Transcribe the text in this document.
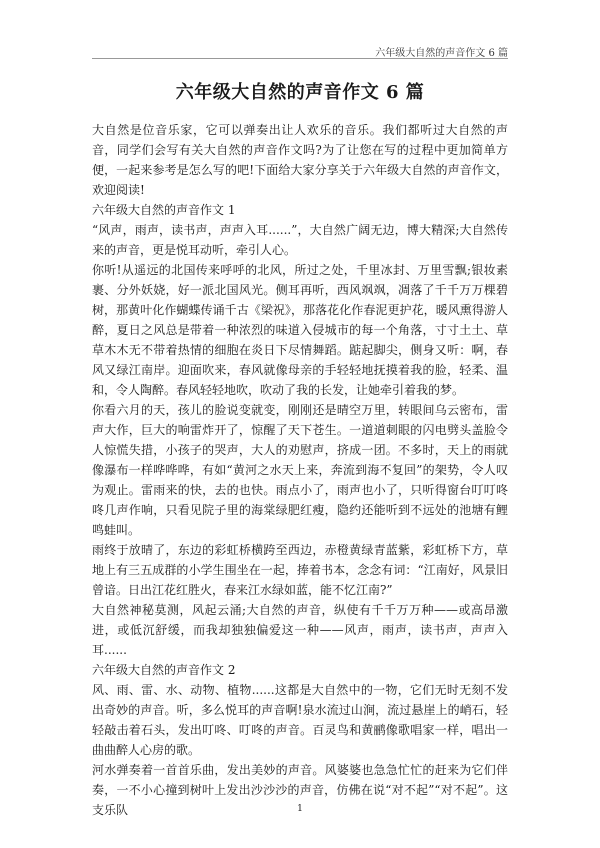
六年级大自然的声音作文 6 篇
六年级大自然的声音作文 6 篇

大自然是位音乐家，它可以弹奏出让人欢乐的音乐。我们都听过大自然的声音，同学们会写有关大自然的声音作文吗?为了让您在写的过程中更加简单方便，一起来参考是怎么写的吧!下面给大家分享关于六年级大自然的声音作文，欢迎阅读!

六年级大自然的声音作文 1

“风声，雨声，读书声，声声入耳......”，大自然广阔无边，博大精深;大自然传来的声音，更是悦耳动听，牵引人心。

你听!从遥远的北国传来呼呼的北风，所过之处，千里冰封、万里雪飘;银妆素裹、分外妖娆，好一派北国风光。侧耳再听，西风飒飒，凋落了千千万万棵碧树，那黄叶化作蝴蝶传诵千古《梁祝》，那落花化作春泥更护花，暖风熏得游人醉，夏日之风总是带着一种浓烈的味道入侵城市的每一个角落，寸寸土土、草草木木无不带着热情的细胞在炎日下尽情舞蹈。踮起脚尖，侧身又听：啊，春风又绿江南岸。迎面吹来，春风就像母亲的手轻轻地抚摸着我的脸，轻柔、温和，令人陶醉。春风轻轻地吹，吹动了我的长发，让她牵引着我的梦。

你看六月的天，孩儿的脸说变就变，刚刚还是晴空万里，转眼间乌云密布，雷声大作，巨大的响雷炸开了，惊醒了天下苍生。一道道刺眼的闪电劈头盖脸令人惊慌失措，小孩子的哭声，大人的劝慰声，挤成一团。不多时，天上的雨就像瀑布一样哗哗哗，有如“黄河之水天上来，奔流到海不复回”的架势，令人叹为观止。雷雨来的快，去的也快。雨点小了，雨声也小了，只听得窗台叮叮咚咚几声作响，只看见院子里的海棠绿肥红瘦，隐约还能听到不远处的池塘有鲤鸣蛙叫。

雨终于放晴了，东边的彩虹桥横跨至西边，赤橙黄绿青蓝紫，彩虹桥下方，草地上有三五成群的小学生围坐在一起，捧着书本，念念有词：“江南好，风景旧曾谙。日出江花红胜火，春来江水绿如蓝，能不忆江南?”

大自然神秘莫测，风起云涌;大自然的声音，纵使有千千万万种——或高昂激进，或低沉舒缓，而我却独独偏爱这一种——风声，雨声，读书声，声声入耳......

六年级大自然的声音作文 2

风、雨、雷、水、动物、植物......这都是大自然中的一物，它们无时无刻不发出奇妙的声音。听，多么悦耳的声音啊!泉水流过山涧，流过悬崖上的峭石，轻轻敲击着石头，发出叮咚、叮咚的声音。百灵鸟和黄鹂像歌唱家一样，唱出一曲曲醉人心房的歌。

河水弹奏着一首首乐曲，发出美妙的声音。风婆婆也急急忙忙的赶来为它们伴奏，一不小心撞到树叶上发出沙沙沙的声音，仿佛在说“对不起”“对不起”。这支乐队	1
